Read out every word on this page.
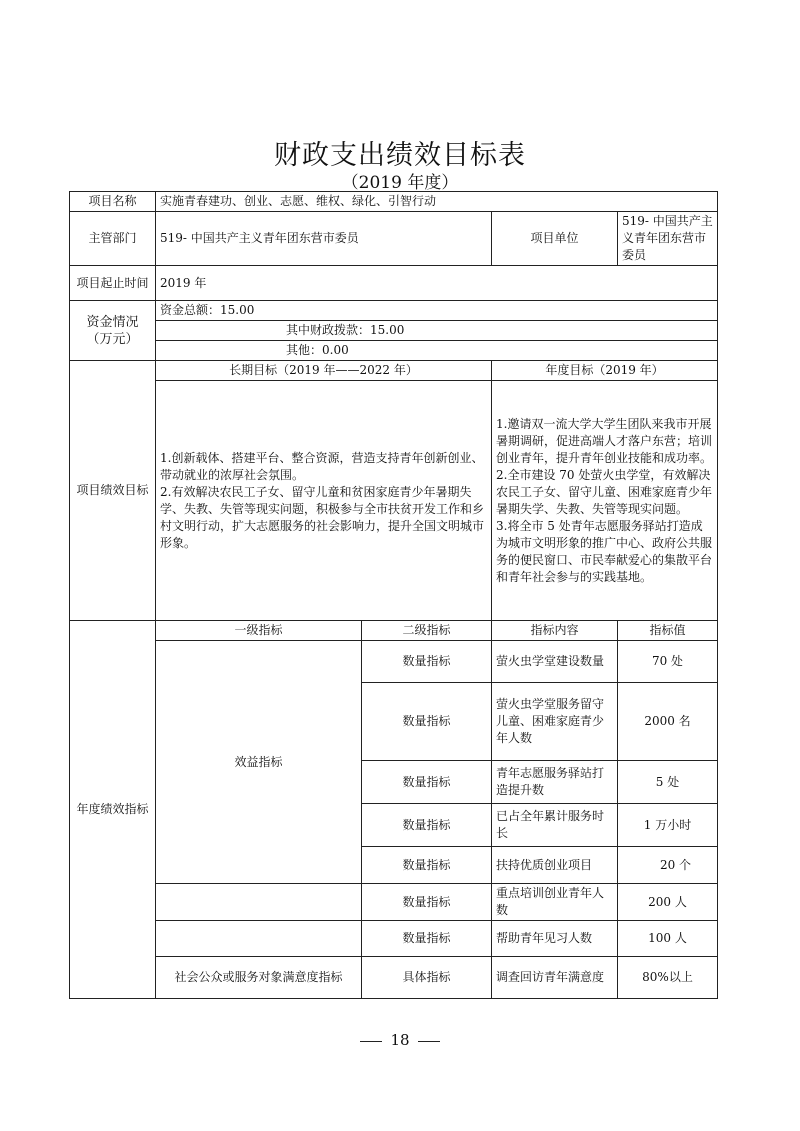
财政支出绩效目标表
（2019 年度）
项目名称	实施青春建功、创业、志愿、维权、绿化、引智行动			
主管部门	519- 中国共产主义青年团东营市委员		项目单位	519- 中国共产主义青年团东营市委员

项目起止时间	2019 年			
资金情况（万元）	资金总额：15.00			
	其中财政拨款：15.00			
	其他：0.00			
项目绩效目标	长期目标（2019 年——2022 年）		年度目标（2019 年）	
	1.创新载体、搭建平台、整合资源，营造支持青年创新创业、带动就业的浓厚社会氛围。
2.有效解决农民工子女、留守儿童和贫困家庭青少年暑期失学、失教、失管等现实问题，积极参与全市扶贫开发工作和乡村文明行动，扩大志愿服务的社会影响力，提升全国文明城市形象。		1.邀请双一流大学大学生团队来我市开展暑期调研，促进高端人才落户东营；培训创业青年，提升青年创业技能和成功率。
2.全市建设 70 处萤火虫学堂，有效解决农民工子女、留守儿童、困难家庭青少年暑期失学、失教、失管等现实问题。
3.将全市 5 处青年志愿服务驿站打造成为城市文明形象的推广中心、政府公共服务的便民窗口、市民奉献爱心的集散平台和青年社会参与的实践基地。	
年度绩效指标	一级指标	二级指标	指标内容	指标值
	效益指标	数量指标	萤火虫学堂建设数量	70 处
		数量指标	萤火虫学堂服务留守儿童、困难家庭青少年人数	2000 名
		数量指标	青年志愿服务驿站打造提升数	5 处
		数量指标	已占全年累计服务时长	1 万小时
		数量指标	扶持优质创业项目	20 个
		数量指标	重点培训创业青年人数	200 人
		数量指标	帮助青年见习人数	100 人
	社会公众或服务对象满意度指标	具体指标	调查回访青年满意度	80%以上
18
